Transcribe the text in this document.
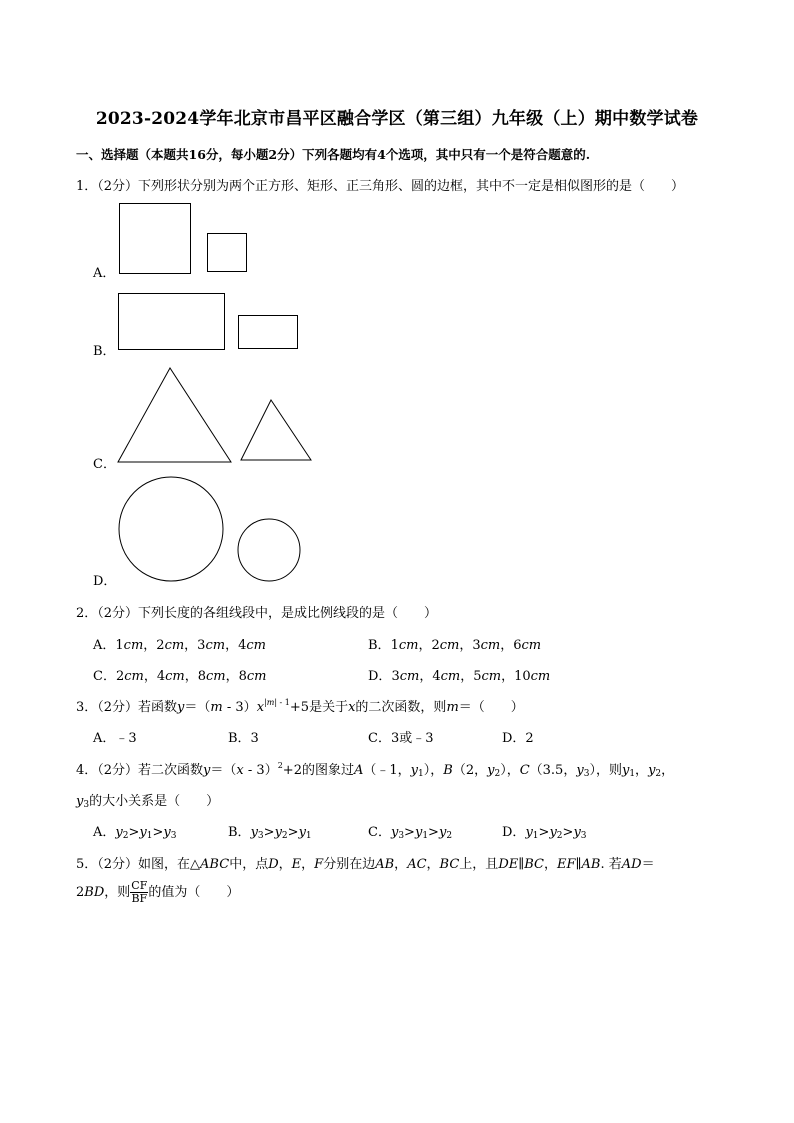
2023-2024学年北京市昌平区融合学区（第三组）九年级（上）期中数学试卷
一、选择题（本题共16分，每小题2分）下列各题均有4个选项，其中只有一个是符合题意的.
1．（2分）下列形状分别为两个正方形、矩形、正三角形、圆的边框，其中不一定是相似图形的是（　　）
A．
B．
C．
D．
2．（2分）下列长度的各组线段中，是成比例线段的是（　　）
A．1cm，2cm，3cm，4cm	B．1cm，2cm，3cm，6cm
C．2cm，4cm，8cm，8cm	D．3cm，4cm，5cm，10cm
3．（2分）若函数$y=(m - 3)x^{|m|}$ $^{- 1}$+5是关于x的二次函数，则m＝（　　）
A．﹣3	B．3	C．3或﹣3	D．2
4．（2分）若二次函数y＝（x - 3）$^2$+2的图象过A（﹣1，$y_1$），B（2，$y_2$），C（3.5，$y_3$），则$y_1$，$y_2$，
$y_3$的大小关系是（　　）
A．$y_2>y_1>y_3$	B．$y_3>y_2>y_1$	C．$y_3>y_1>y_2$	D．$y_1>y_2>y_3$
5．（2分）如图，在△ABC中，点D，E，F分别在边AB，AC，BC上，且DE∥BC，EF∥AB. 若AD＝
2BD，则 $\frac{CF}{BF}$ 的值为（　　）
